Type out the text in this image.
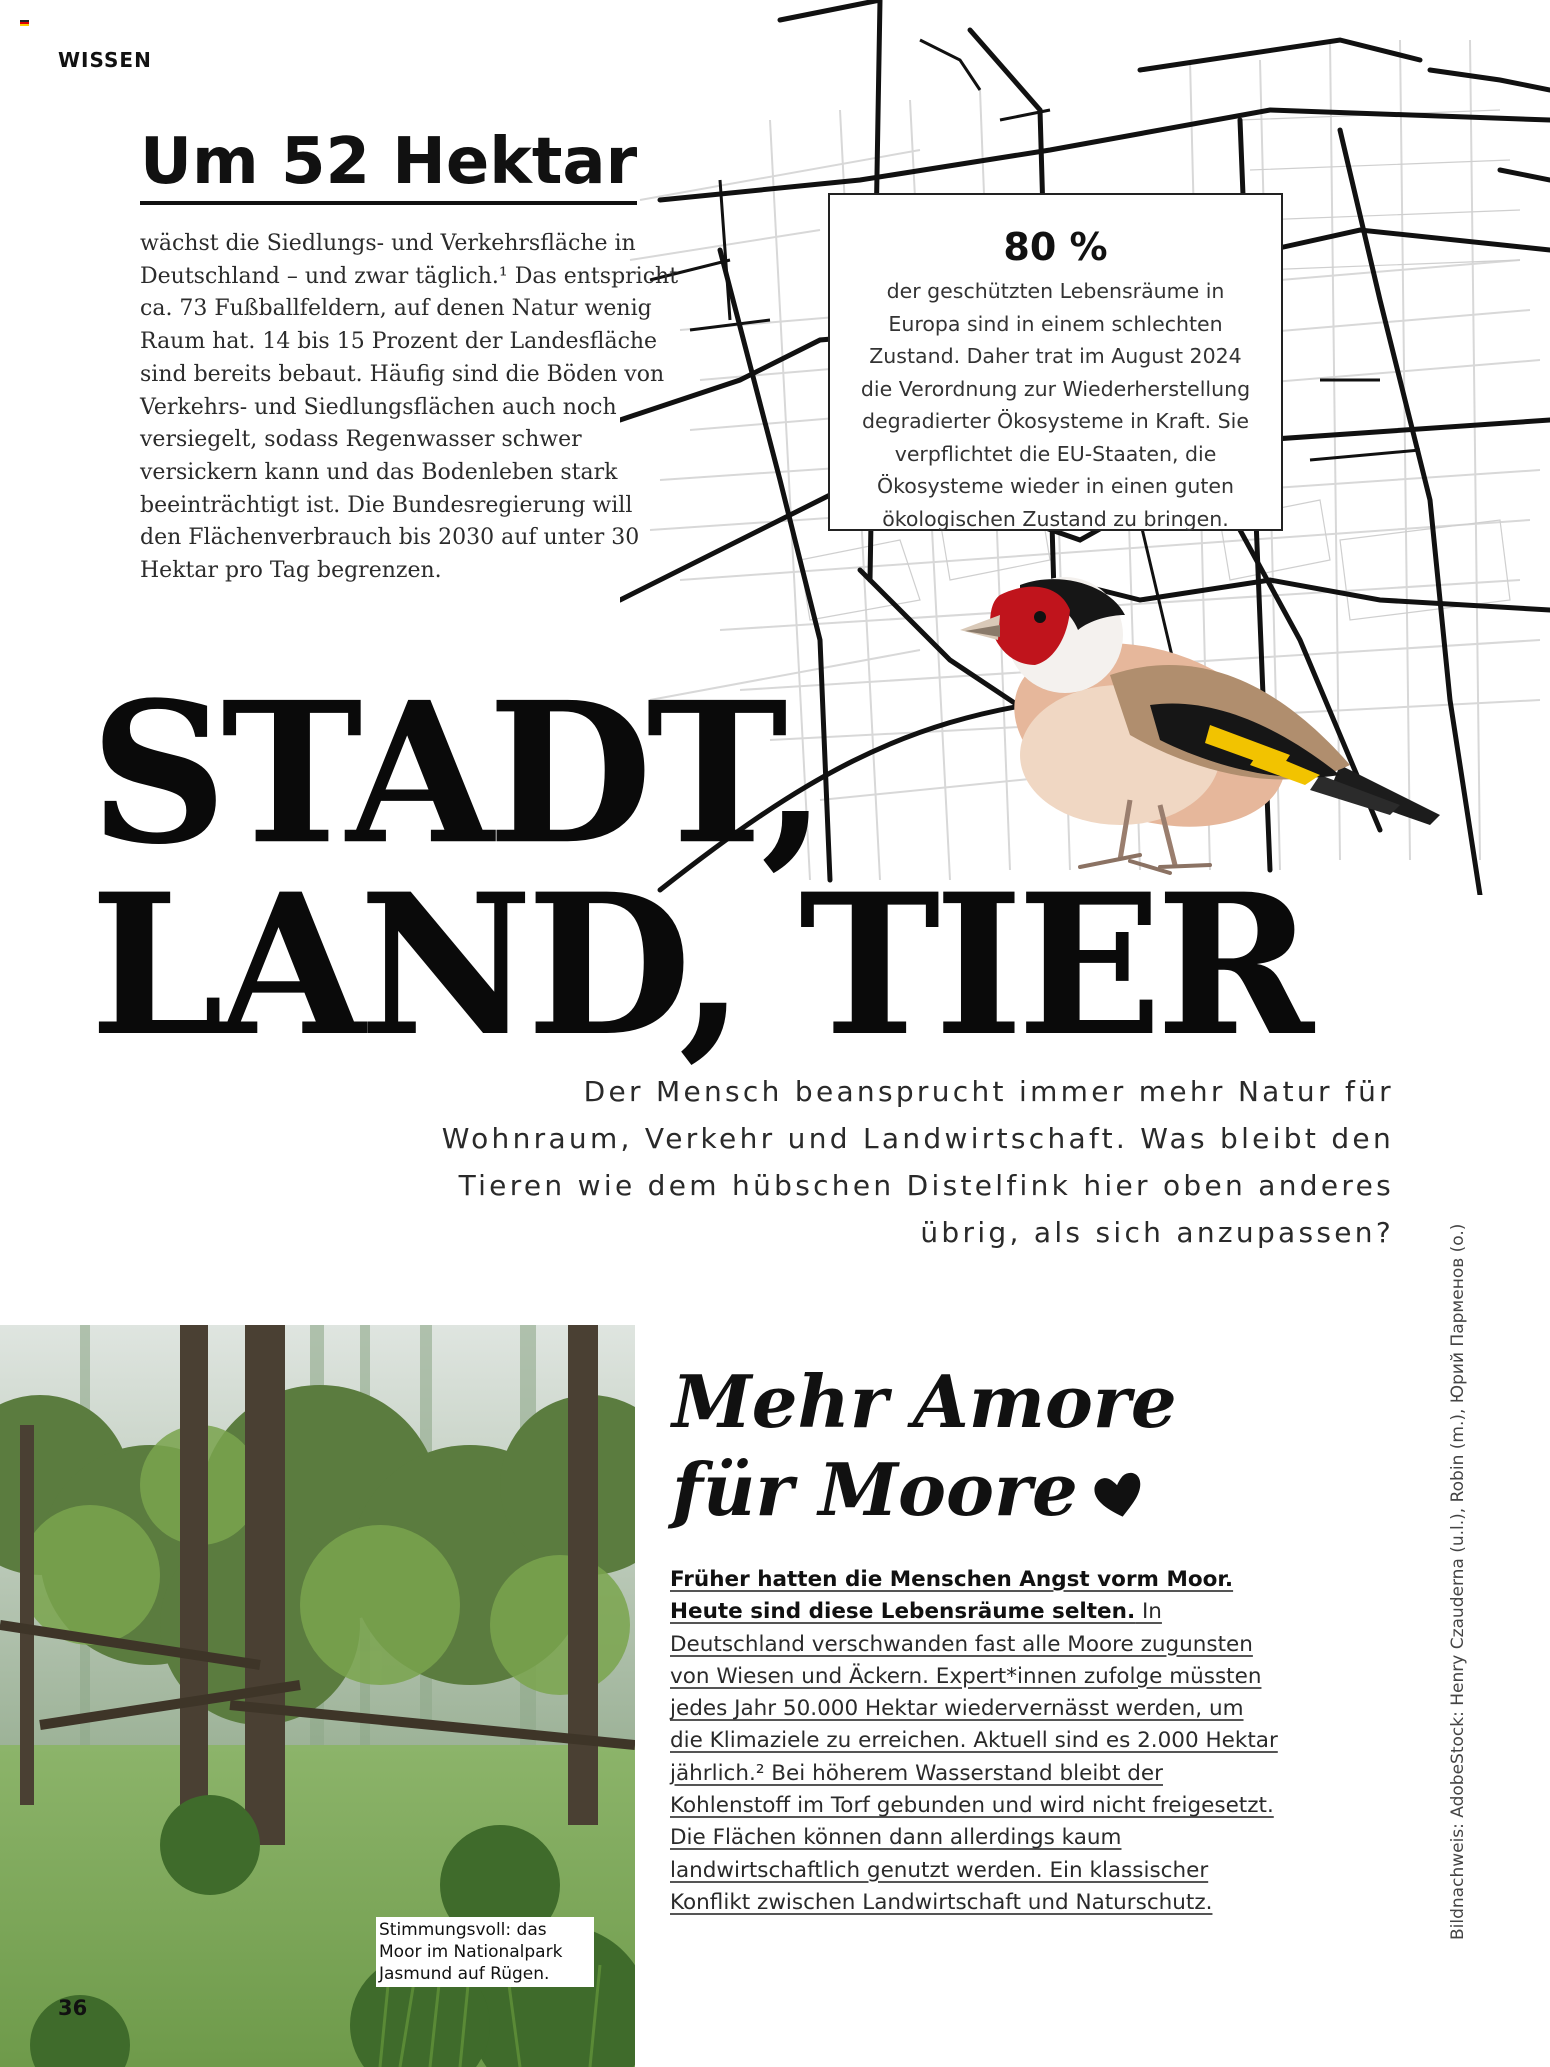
WISSEN
Um 52 Hektar
wächst die Siedlungs- und Verkehrsfläche in Deutschland – und zwar täglich.¹ Das entspricht ca. 73 Fußballfeldern, auf denen Natur wenig Raum hat. 14 bis 15 Prozent der Landesfläche sind bereits bebaut. Häufig sind die Böden von Verkehrs- und Siedlungsflächen auch noch versiegelt, sodass Regenwasser schwer versickern kann und das Bodenleben stark beeinträchtigt ist. Die Bundesregierung will den Flächenverbrauch bis 2030 auf unter 30 Hektar pro Tag begrenzen.
80 %
der geschützten Lebensräume in Europa sind in einem schlechten Zustand. Daher trat im August 2024 die Verordnung zur Wiederherstellung degradierter Ökosysteme in Kraft. Sie verpflichtet die EU-Staaten, die Ökosysteme wieder in einen guten ökologischen Zustand zu bringen.
STADT,
LAND, TIER
Der Mensch beansprucht immer mehr Natur für Wohnraum, Verkehr und Landwirtschaft. Was bleibt den Tieren wie dem hübschen Distelfink hier oben anderes übrig, als sich anzupassen?
Stimmungsvoll: das Moor im Nationalpark Jasmund auf Rügen.
36
Mehr Amore
für Moore
Früher hatten die Menschen Angst vorm Moor. Heute sind diese Lebensräume selten. In Deutschland verschwanden fast alle Moore zugunsten von Wiesen und Äckern. Expert*innen zufolge müssten jedes Jahr 50.000 Hektar wiedervernässt werden, um die Klimaziele zu erreichen. Aktuell sind es 2.000 Hektar jährlich.² Bei höherem Wasserstand bleibt der Kohlenstoff im Torf gebunden und wird nicht freigesetzt. Die Flächen können dann allerdings kaum landwirtschaftlich genutzt werden. Ein klassischer Konflikt zwischen Landwirtschaft und Naturschutz.	Bildnachweis: AdobeStock: Henry Czauderna (u.l.), Robin (m.), Юрий Парменов (o.)
